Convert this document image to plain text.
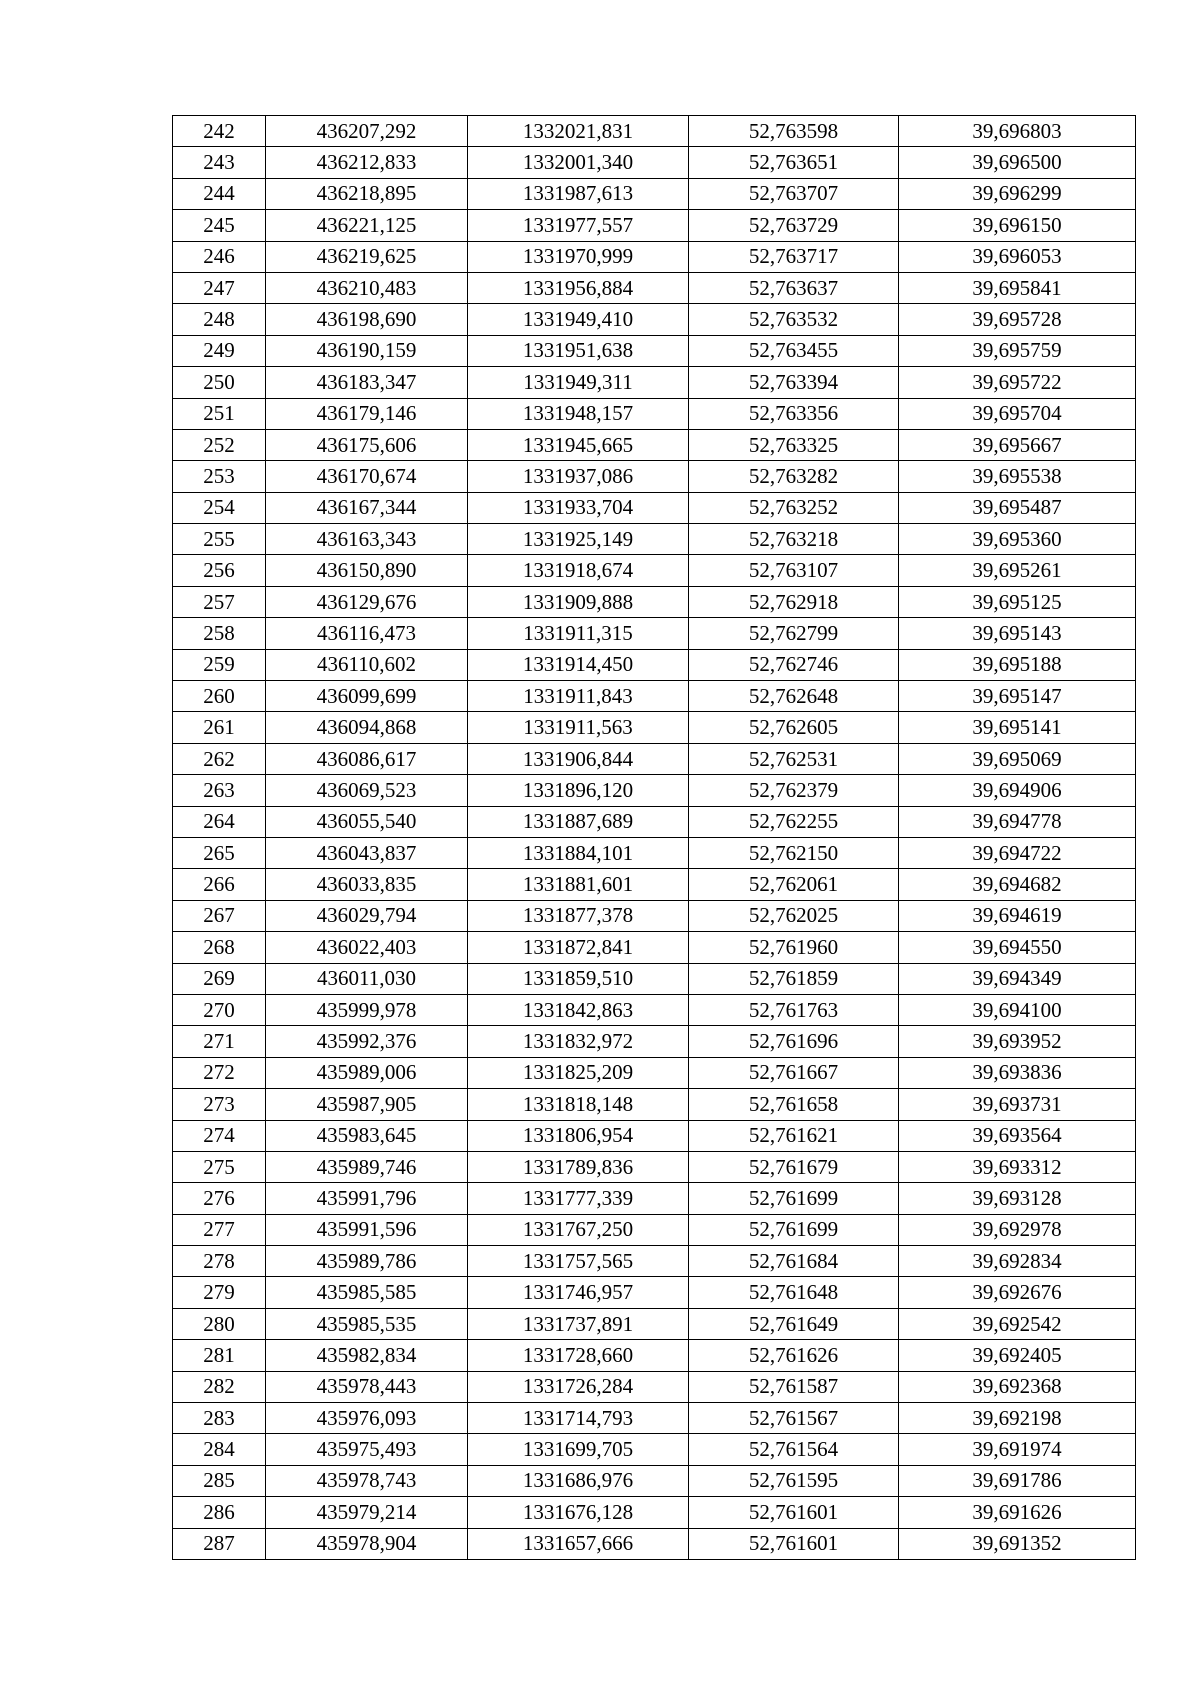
242	436207,292	1332021,831	52,763598	39,696803
243	436212,833	1332001,340	52,763651	39,696500
244	436218,895	1331987,613	52,763707	39,696299
245	436221,125	1331977,557	52,763729	39,696150
246	436219,625	1331970,999	52,763717	39,696053
247	436210,483	1331956,884	52,763637	39,695841
248	436198,690	1331949,410	52,763532	39,695728
249	436190,159	1331951,638	52,763455	39,695759
250	436183,347	1331949,311	52,763394	39,695722
251	436179,146	1331948,157	52,763356	39,695704
252	436175,606	1331945,665	52,763325	39,695667
253	436170,674	1331937,086	52,763282	39,695538
254	436167,344	1331933,704	52,763252	39,695487
255	436163,343	1331925,149	52,763218	39,695360
256	436150,890	1331918,674	52,763107	39,695261
257	436129,676	1331909,888	52,762918	39,695125
258	436116,473	1331911,315	52,762799	39,695143
259	436110,602	1331914,450	52,762746	39,695188
260	436099,699	1331911,843	52,762648	39,695147
261	436094,868	1331911,563	52,762605	39,695141
262	436086,617	1331906,844	52,762531	39,695069
263	436069,523	1331896,120	52,762379	39,694906
264	436055,540	1331887,689	52,762255	39,694778
265	436043,837	1331884,101	52,762150	39,694722
266	436033,835	1331881,601	52,762061	39,694682
267	436029,794	1331877,378	52,762025	39,694619
268	436022,403	1331872,841	52,761960	39,694550
269	436011,030	1331859,510	52,761859	39,694349
270	435999,978	1331842,863	52,761763	39,694100
271	435992,376	1331832,972	52,761696	39,693952
272	435989,006	1331825,209	52,761667	39,693836
273	435987,905	1331818,148	52,761658	39,693731
274	435983,645	1331806,954	52,761621	39,693564
275	435989,746	1331789,836	52,761679	39,693312
276	435991,796	1331777,339	52,761699	39,693128
277	435991,596	1331767,250	52,761699	39,692978
278	435989,786	1331757,565	52,761684	39,692834
279	435985,585	1331746,957	52,761648	39,692676
280	435985,535	1331737,891	52,761649	39,692542
281	435982,834	1331728,660	52,761626	39,692405
282	435978,443	1331726,284	52,761587	39,692368
283	435976,093	1331714,793	52,761567	39,692198
284	435975,493	1331699,705	52,761564	39,691974
285	435978,743	1331686,976	52,761595	39,691786
286	435979,214	1331676,128	52,761601	39,691626
287	435978,904	1331657,666	52,761601	39,691352
